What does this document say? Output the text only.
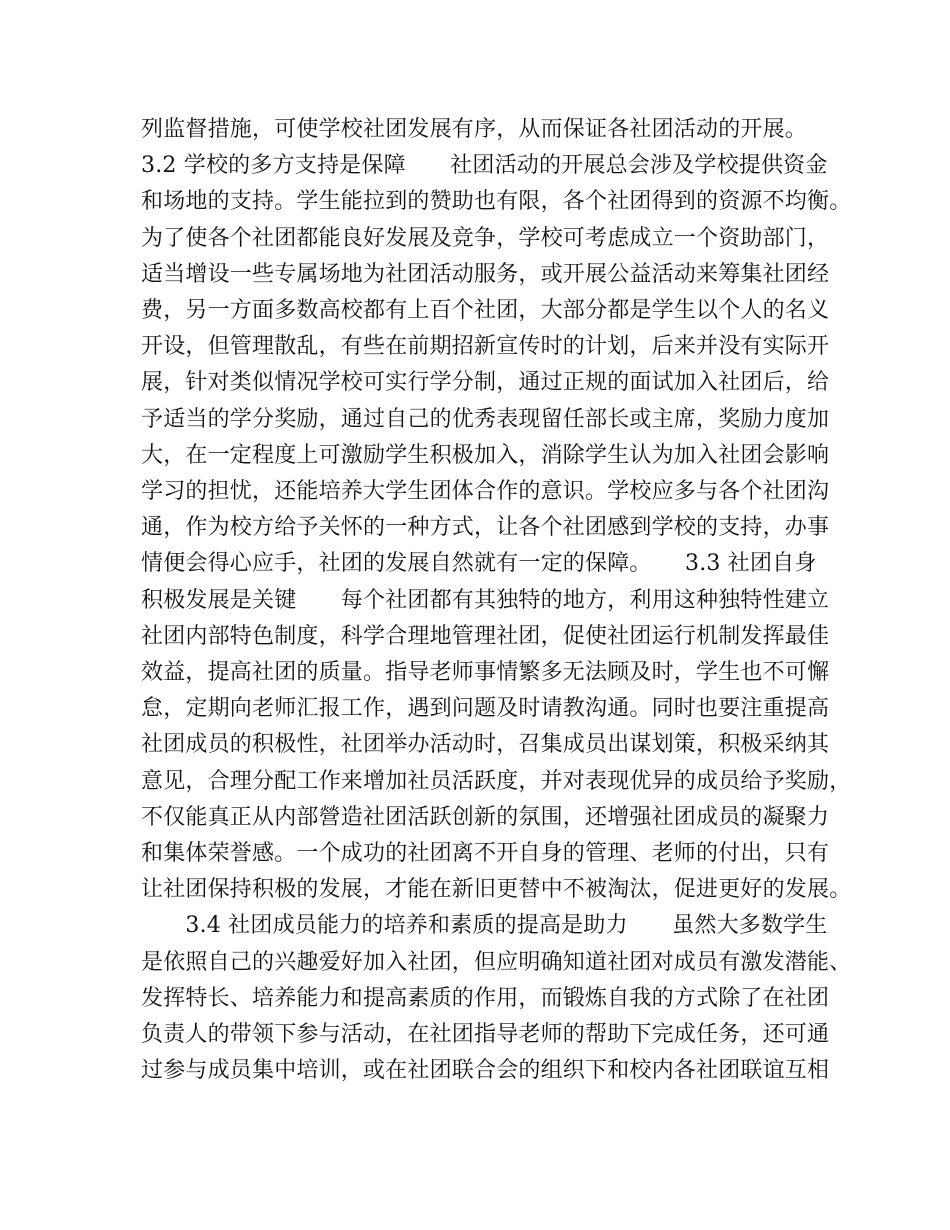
列监督措施，可使学校社团发展有序，从而保证各社团活动的开展。
3.2 学校的多方支持是保障　　社团活动的开展总会涉及学校提供资金
和场地的支持。学生能拉到的赞助也有限，各个社团得到的资源不均衡。
为了使各个社团都能良好发展及竞争，学校可考虑成立一个资助部门，
适当增设一些专属场地为社团活动服务，或开展公益活动来筹集社团经
费，另一方面多数高校都有上百个社团，大部分都是学生以个人的名义
开设，但管理散乱，有些在前期招新宣传时的计划，后来并没有实际开
展，针对类似情况学校可实行学分制，通过正规的面试加入社团后，给
予适当的学分奖励，通过自己的优秀表现留任部长或主席，奖励力度加
大，在一定程度上可激励学生积极加入，消除学生认为加入社团会影响
学习的担忧，还能培养大学生团体合作的意识。学校应多与各个社团沟
通，作为校方给予关怀的一种方式，让各个社团感到学校的支持，办事
情便会得心应手，社团的发展自然就有一定的保障。　　3.3 社团自身
积极发展是关键　　每个社团都有其独特的地方，利用这种独特性建立
社团内部特色制度，科学合理地管理社团，促使社团运行机制发挥最佳
效益，提高社团的质量。指导老师事情繁多无法顾及时，学生也不可懈
怠，定期向老师汇报工作，遇到问题及时请教沟通。同时也要注重提高
社团成员的积极性，社团举办活动时，召集成员出谋划策，积极采纳其
意见，合理分配工作来增加社员活跃度，并对表现优异的成员给予奖励，
不仅能真正从内部營造社团活跃创新的氛围，还增强社团成员的凝聚力
和集体荣誉感。一个成功的社团离不开自身的管理、老师的付出，只有
让社团保持积极的发展，才能在新旧更替中不被淘汰，促进更好的发展。
　　3.4 社团成员能力的培养和素质的提高是助力　　虽然大多数学生
是依照自己的兴趣爱好加入社团，但应明确知道社团对成员有激发潜能、
发挥特长、培养能力和提高素质的作用，而锻炼自我的方式除了在社团
负责人的带领下参与活动，在社团指导老师的帮助下完成任务，还可通
过参与成员集中培训，或在社团联合会的组织下和校内各社团联谊互相
